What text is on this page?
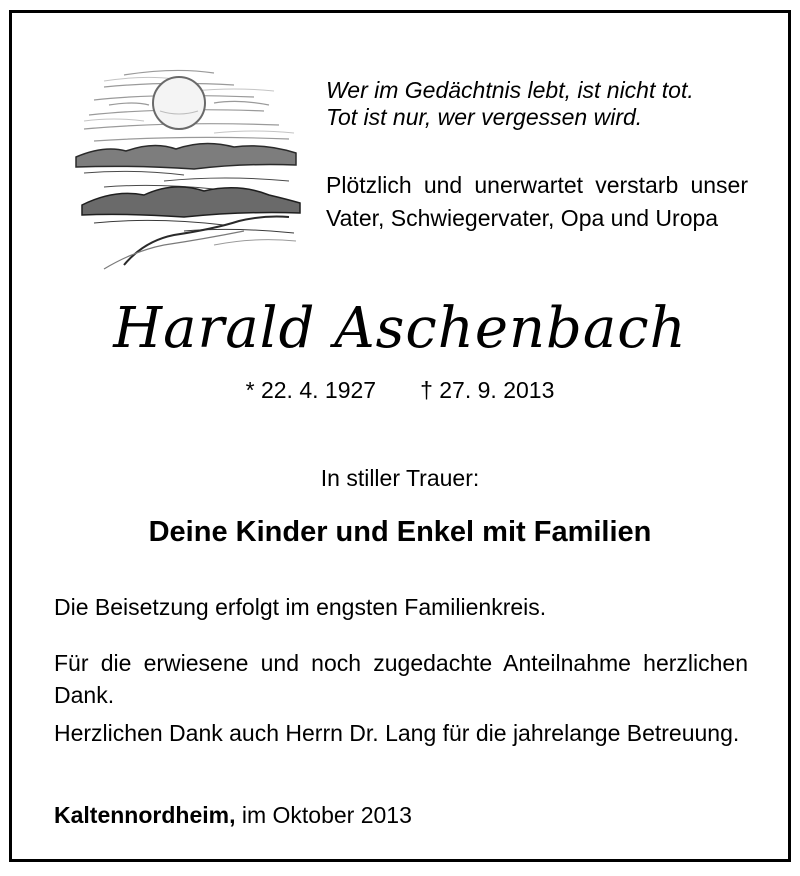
Wer im Gedächtnis lebt, ist nicht tot.
Tot ist nur, wer vergessen wird.
Plötzlich und unerwartet verstarb unser Vater, Schwiegervater, Opa und Uropa
Harald Aschenbach
* 22. 4. 1927 † 27. 9. 2013
In stiller Trauer:
Deine Kinder und Enkel mit Familien
Die Beisetzung erfolgt im engsten Familienkreis.
Für die erwiesene und noch zugedachte Anteilnahme herzlichen Dank.
Herzlichen Dank auch Herrn Dr. Lang für die jahrelange Betreuung.
Kaltennordheim, im Oktober 2013
